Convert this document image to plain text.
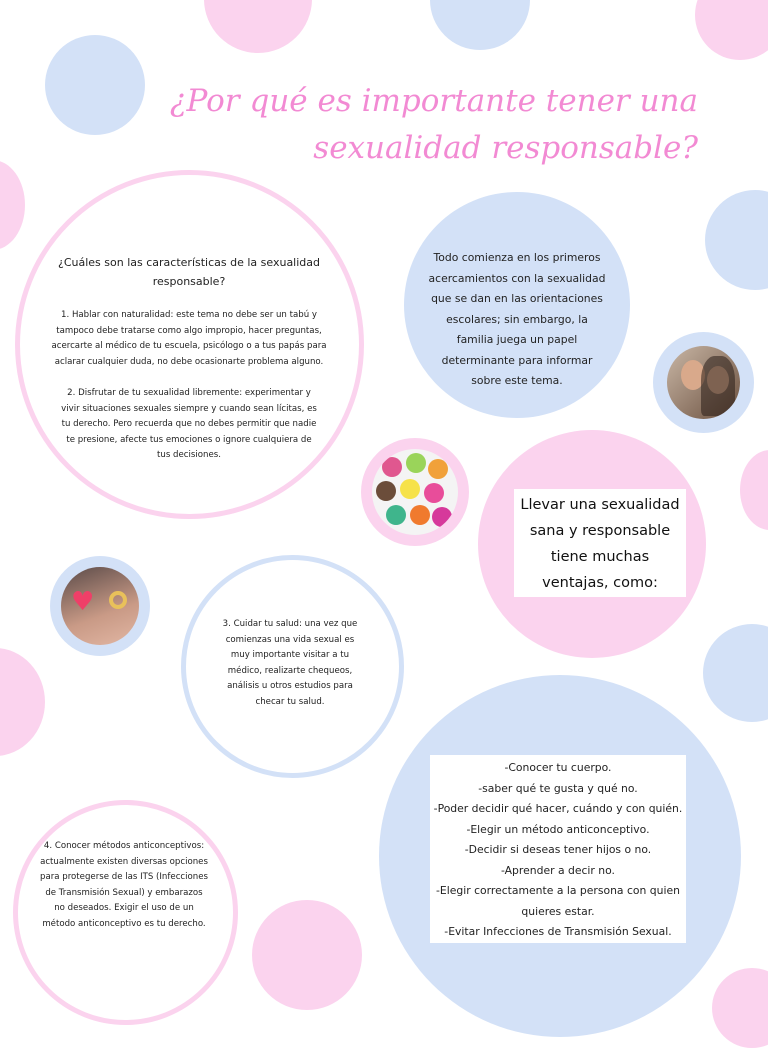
¿Por qué es importante tener una
sexualidad responsable?

¿Cuáles son las características de la sexualidad responsable?

1. Hablar con naturalidad: este tema no debe ser un tabú y tampoco debe tratarse como algo impropio, hacer preguntas, acercarte al médico de tu escuela, psicólogo o a tus papás para aclarar cualquier duda, no debe ocasionarte problema alguno.

2. Disfrutar de tu sexualidad libremente: experimentar y vivir situaciones sexuales siempre y cuando sean lícitas, es tu derecho. Pero recuerda que no debes permitir que nadie te presione, afecte tus emociones o ignore cualquiera de tus decisiones.

Todo comienza en los primeros acercamientos con la sexualidad que se dan en las orientaciones escolares; sin embargo, la familia juega un papel determinante para informar sobre este tema.

Llevar una sexualidad sana y responsable tiene muchas ventajas, como:

♥
3. Cuidar tu salud: una vez que comienzas una vida sexual es muy importante visitar a tu médico, realizarte chequeos, análisis u otros estudios para checar tu salud.
4. Conocer métodos anticonceptivos: actualmente existen diversas opciones para protegerse de las ITS (Infecciones de Transmisión Sexual) y embarazos no deseados. Exigir el uso de un método anticonceptivo es tu derecho.
-Conocer tu cuerpo.
-saber qué te gusta y qué no.
-Poder decidir qué hacer, cuándo y con quién.
-Elegir un método anticonceptivo.
-Decidir si deseas tener hijos o no.
-Aprender a decir no.
-Elegir correctamente a la persona con quien
quieres estar.
-Evitar Infecciones de Transmisión Sexual.
